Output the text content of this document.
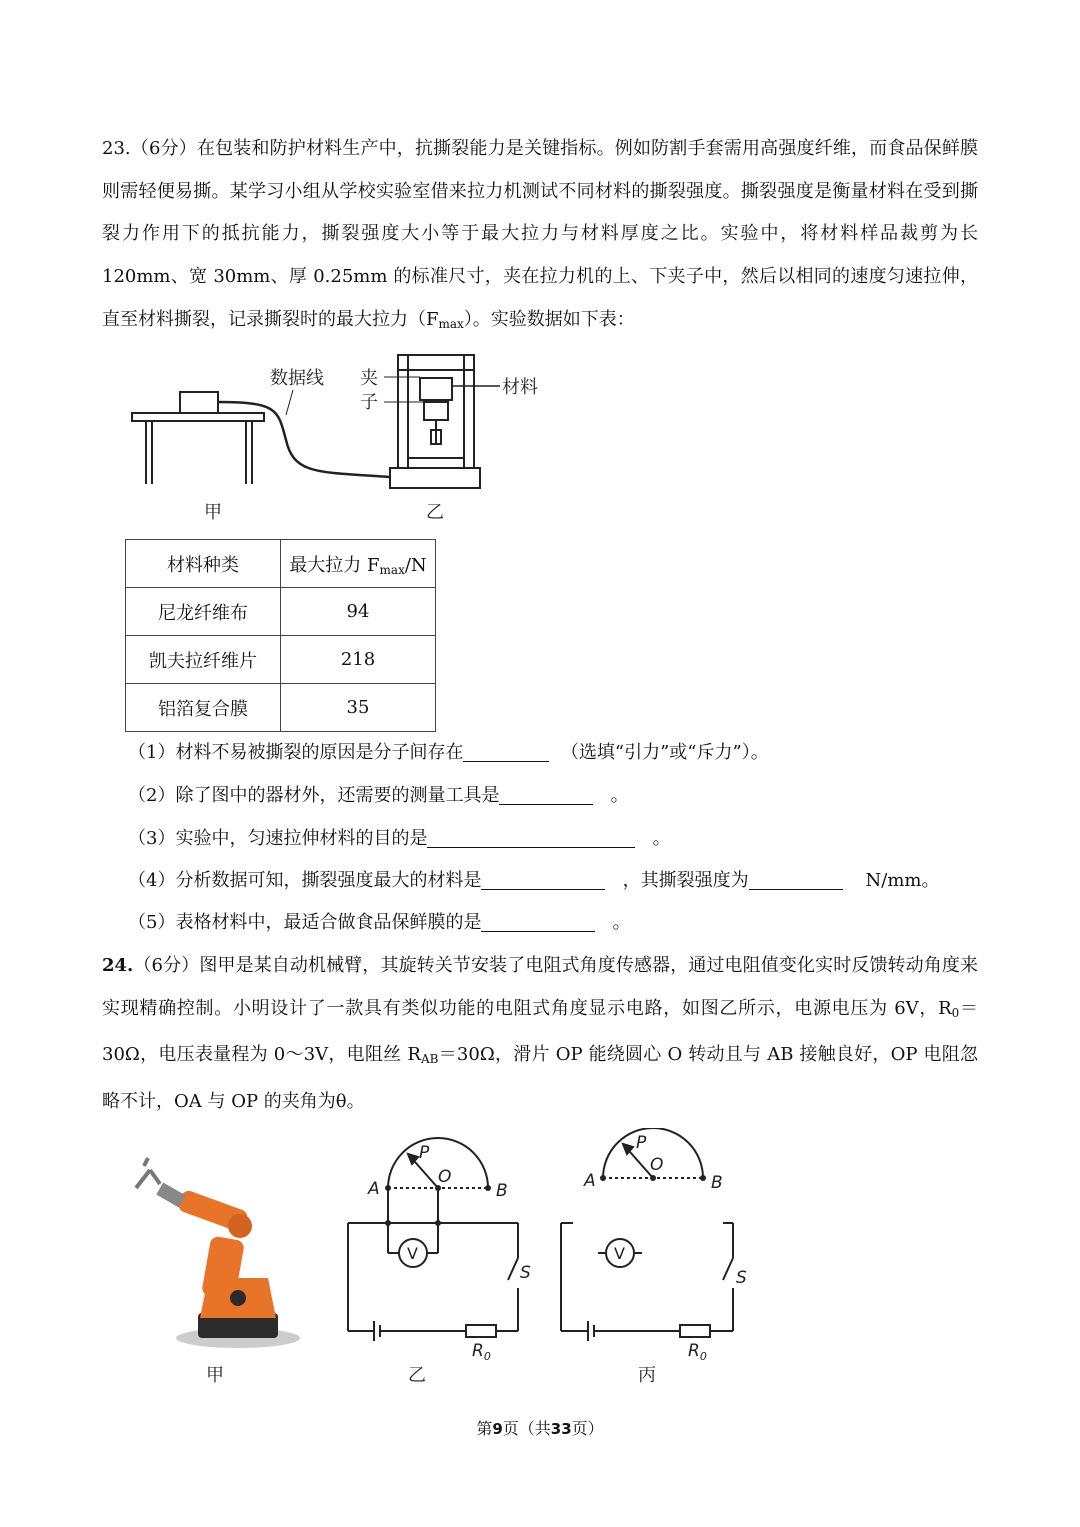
23.（6分）在包装和防护材料生产中，抗撕裂能力是关键指标。例如防割手套需用高强度纤维，而食品保鲜膜则需轻便易撕。某学习小组从学校实验室借来拉力机测试不同材料的撕裂强度。撕裂强度是衡量材料在受到撕裂力作用下的抵抗能力，撕裂强度大小等于最大拉力与材料厚度之比。实验中，将材料样品裁剪为长 120mm、宽 30mm、厚 0.25mm 的标准尺寸，夹在拉力机的上、下夹子中，然后以相同的速度匀速拉伸，直至材料撕裂，记录撕裂时的最大拉力$(F_{max})$。实验数据如下表：
数据线 夹
子
材料
甲	乙
材料种类	最大拉力 $F_{max}/N$
尼龙纤维布	94
凯夫拉纤维片	218
铝箔复合膜	35
（1）材料不易被撕裂的原因是分子间存在	（选填“引力”或“斥力”）。
（2）除了图中的器材外，还需要的测量工具是	。
（3）实验中，匀速拉伸材料的目的是	。
（4）分析数据可知，撕裂强度最大的材料是	，其撕裂强度为	N/mm。
（5）表格材料中，最适合做食品保鲜膜的是	。
24.（6分）图甲是某自动机械臂，其旋转关节安装了电阻式角度传感器，通过电阻值变化实时反馈转动角度来实现精确控制。小明设计了一款具有类似功能的电阻式角度显示电路，如图乙所示，电源电压为 6V，$R_0=30\Omega$，电压表量程为 0～3V，电阻丝 $R_{AB}=30\Omega$，滑片 OP 能绕圆心 O 转动且与 AB 接触良好，OP 电阻忽略不计，OA 与 OP 的夹角为θ。
甲
P
O
A	B
V
S
$R_0$
乙
P
O
A	B
V
S
$R_0$
丙
第9页（共33页）
